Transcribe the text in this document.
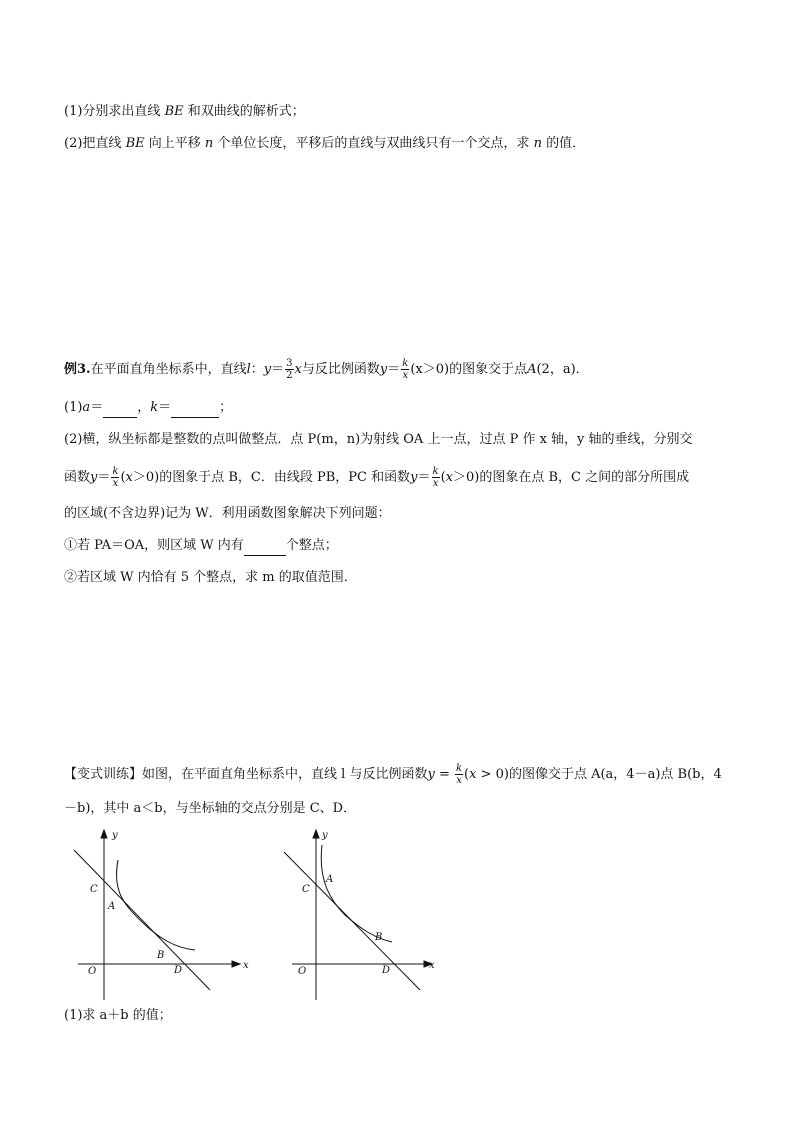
(1)分别求出直线 BE 和双曲线的解析式；
(2)把直线 BE 向上平移 n 个单位长度，平移后的直线与双曲线只有一个交点，求 n 的值．
例3.在平面直角坐标系中，直线l：$y= \frac{3}{2}$ x与反比例函数$y= \frac{k}{x} (x>0)$的图象交于点A(2，a)．
(1)a＝	，k＝	；
(2)横，纵坐标都是整数的点叫做整点．点 P(m，n)为射线 OA 上一点，过点 P 作 x 轴，y 轴的垂线，分别交
函数$y= \frac{k}{x} (x>0)$的图象于点 B，C．由线段 PB，PC 和函数$y= \frac{k}{x} (x>0)$的图象在点 B，C 之间的部分所围成
的区域(不含边界)记为 W．利用函数图象解决下列问题：
①若 PA＝OA，则区域 W 内有	个整点；
②若区域 W 内恰有 5 个整点，求 m 的取值范围．
【变式训练】如图，在平面直角坐标系中，直线 l 与反比例函数$y = \frac{k}{x} (x > 0)$的图像交于点 A(a，4－a)点 B(b，4
－b)，其中 a＜b，与坐标轴的交点分别是 C、D．
y
x
O
C
A
B
D
y
x
O
C
A
B
D
(1)求 a＋b 的值；
